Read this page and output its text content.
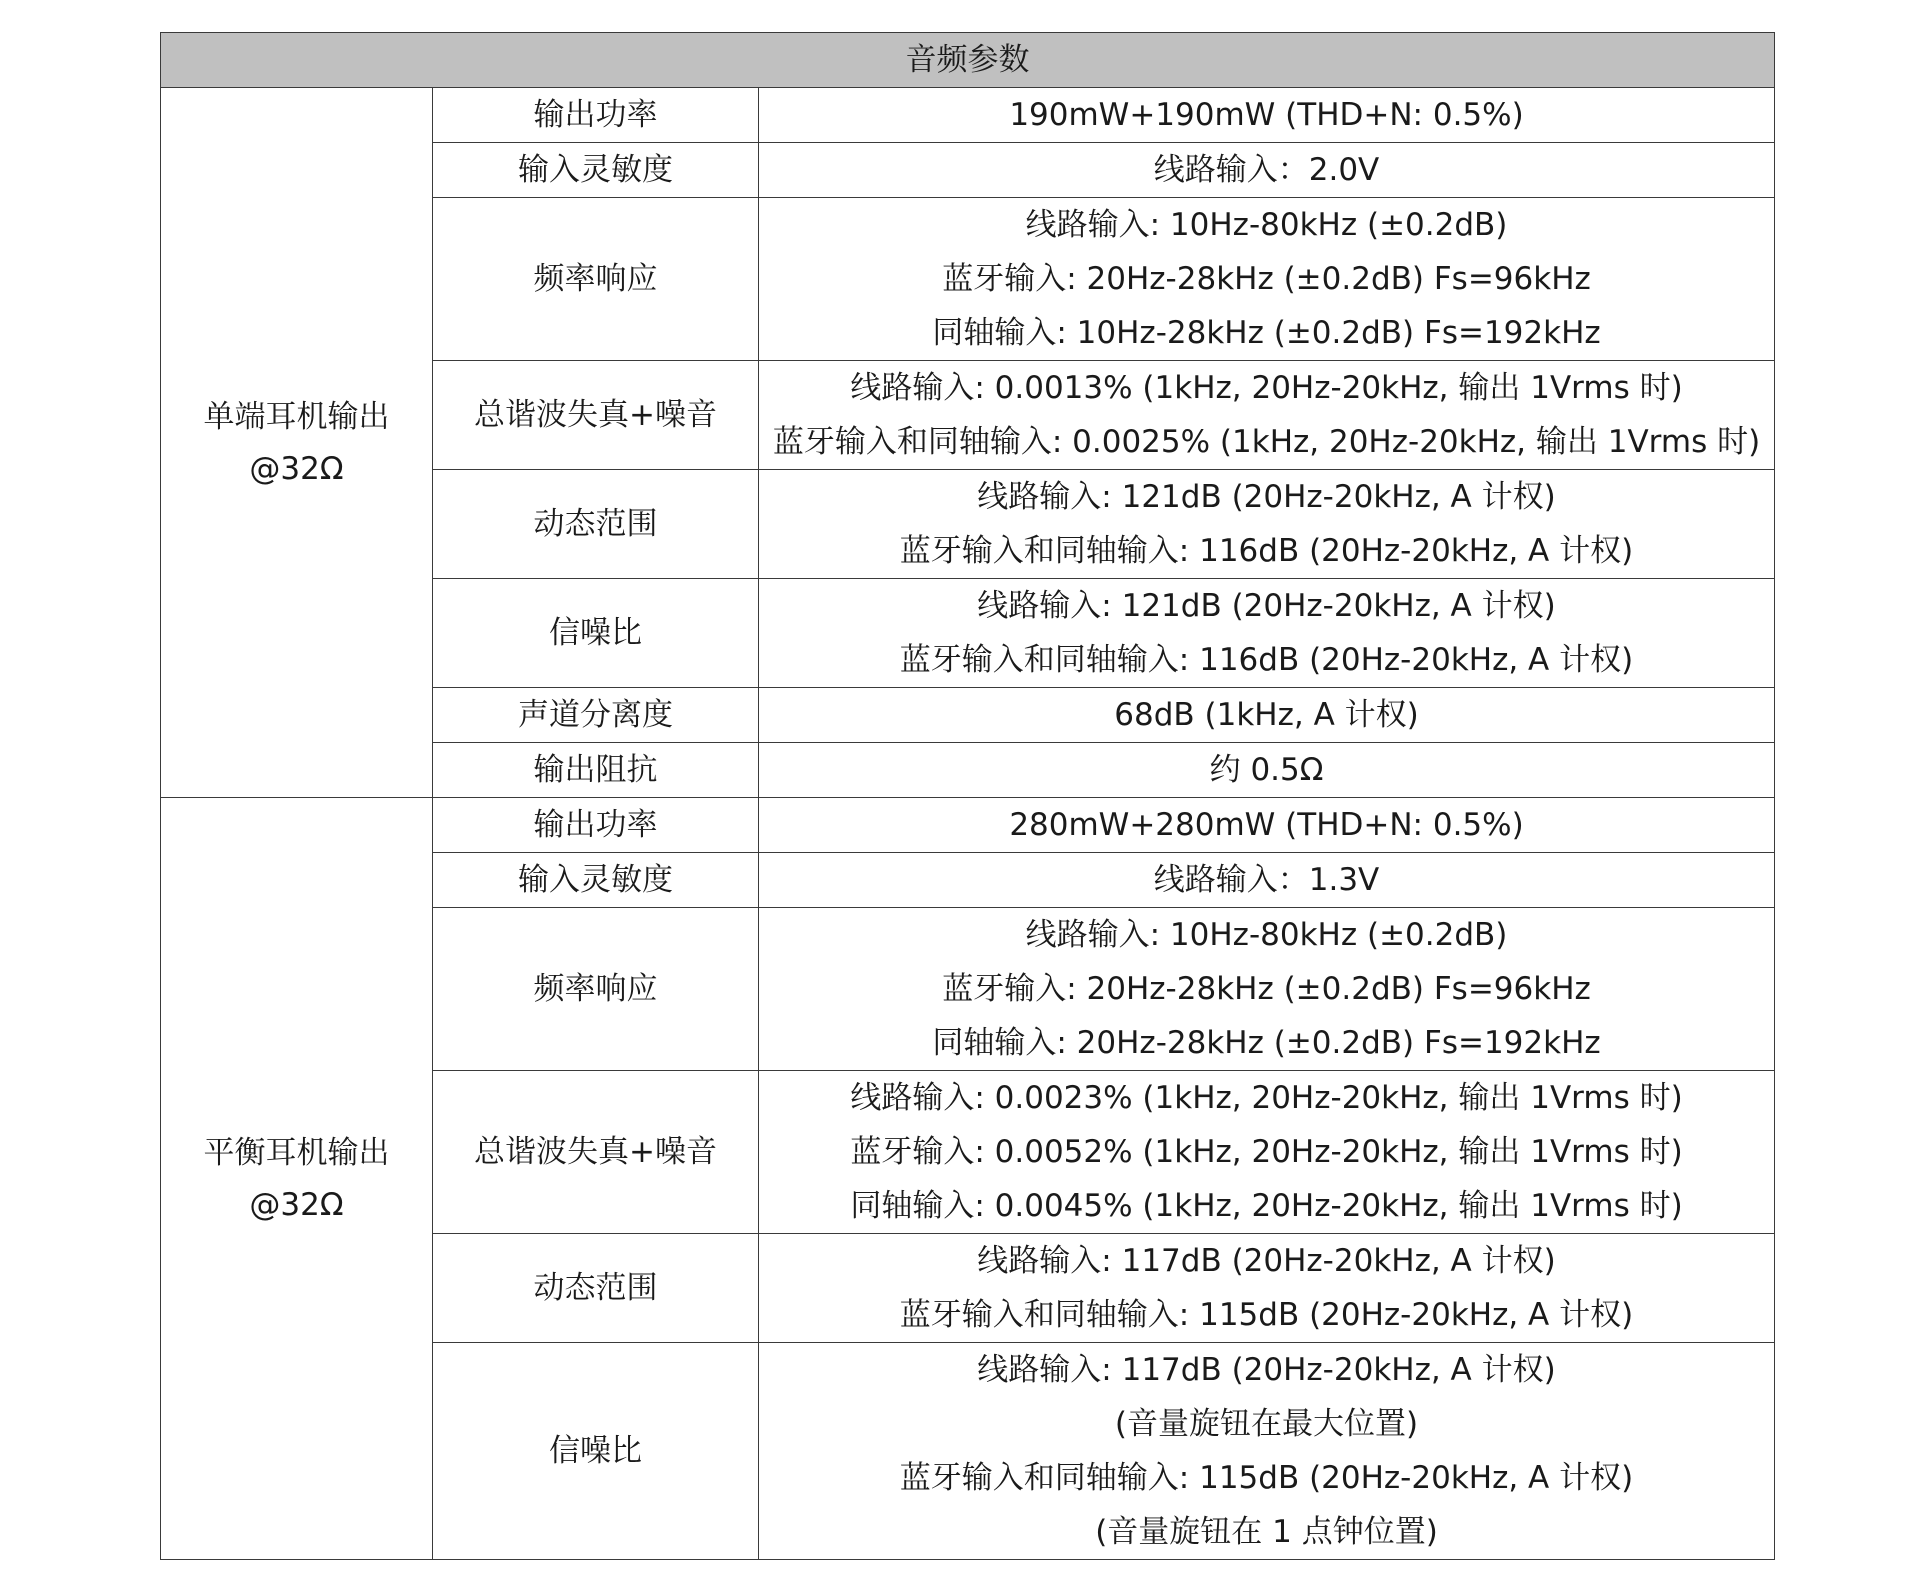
音频参数		

单端耳机输出
@32Ω	输出功率	190mW+190mW (THD+N: 0.5%)

	输入灵敏度	线路输入：2.0V

	频率响应	线路输入: 10Hz-80kHz (±0.2dB)
蓝牙输入: 20Hz-28kHz (±0.2dB) Fs=96kHz
同轴输入: 10Hz-28kHz (±0.2dB) Fs=192kHz

	总谐波失真+噪音	线路输入: 0.0013% (1kHz, 20Hz-20kHz, 输出 1Vrms 时)
蓝牙输入和同轴输入: 0.0025% (1kHz, 20Hz-20kHz, 输出 1Vrms 时)

	动态范围	线路输入: 121dB (20Hz-20kHz, A 计权)
蓝牙输入和同轴输入: 116dB (20Hz-20kHz, A 计权)

	信噪比	线路输入: 121dB (20Hz-20kHz, A 计权)
蓝牙输入和同轴输入: 116dB (20Hz-20kHz, A 计权)

	声道分离度	68dB (1kHz, A 计权)

	输出阻抗	约 0.5Ω

平衡耳机输出
@32Ω	输出功率	280mW+280mW (THD+N: 0.5%)

	输入灵敏度	线路输入：1.3V

	频率响应	线路输入: 10Hz-80kHz (±0.2dB)
蓝牙输入: 20Hz-28kHz (±0.2dB) Fs=96kHz
同轴输入: 20Hz-28kHz (±0.2dB) Fs=192kHz

	总谐波失真+噪音	线路输入: 0.0023% (1kHz, 20Hz-20kHz, 输出 1Vrms 时)
蓝牙输入: 0.0052% (1kHz, 20Hz-20kHz, 输出 1Vrms 时)
同轴输入: 0.0045% (1kHz, 20Hz-20kHz, 输出 1Vrms 时)

	动态范围	线路输入: 117dB (20Hz-20kHz, A 计权)
蓝牙输入和同轴输入: 115dB (20Hz-20kHz, A 计权)

	信噪比	线路输入: 117dB (20Hz-20kHz, A 计权)
(音量旋钮在最大位置)
蓝牙输入和同轴输入: 115dB (20Hz-20kHz, A 计权)
(音量旋钮在 1 点钟位置)
